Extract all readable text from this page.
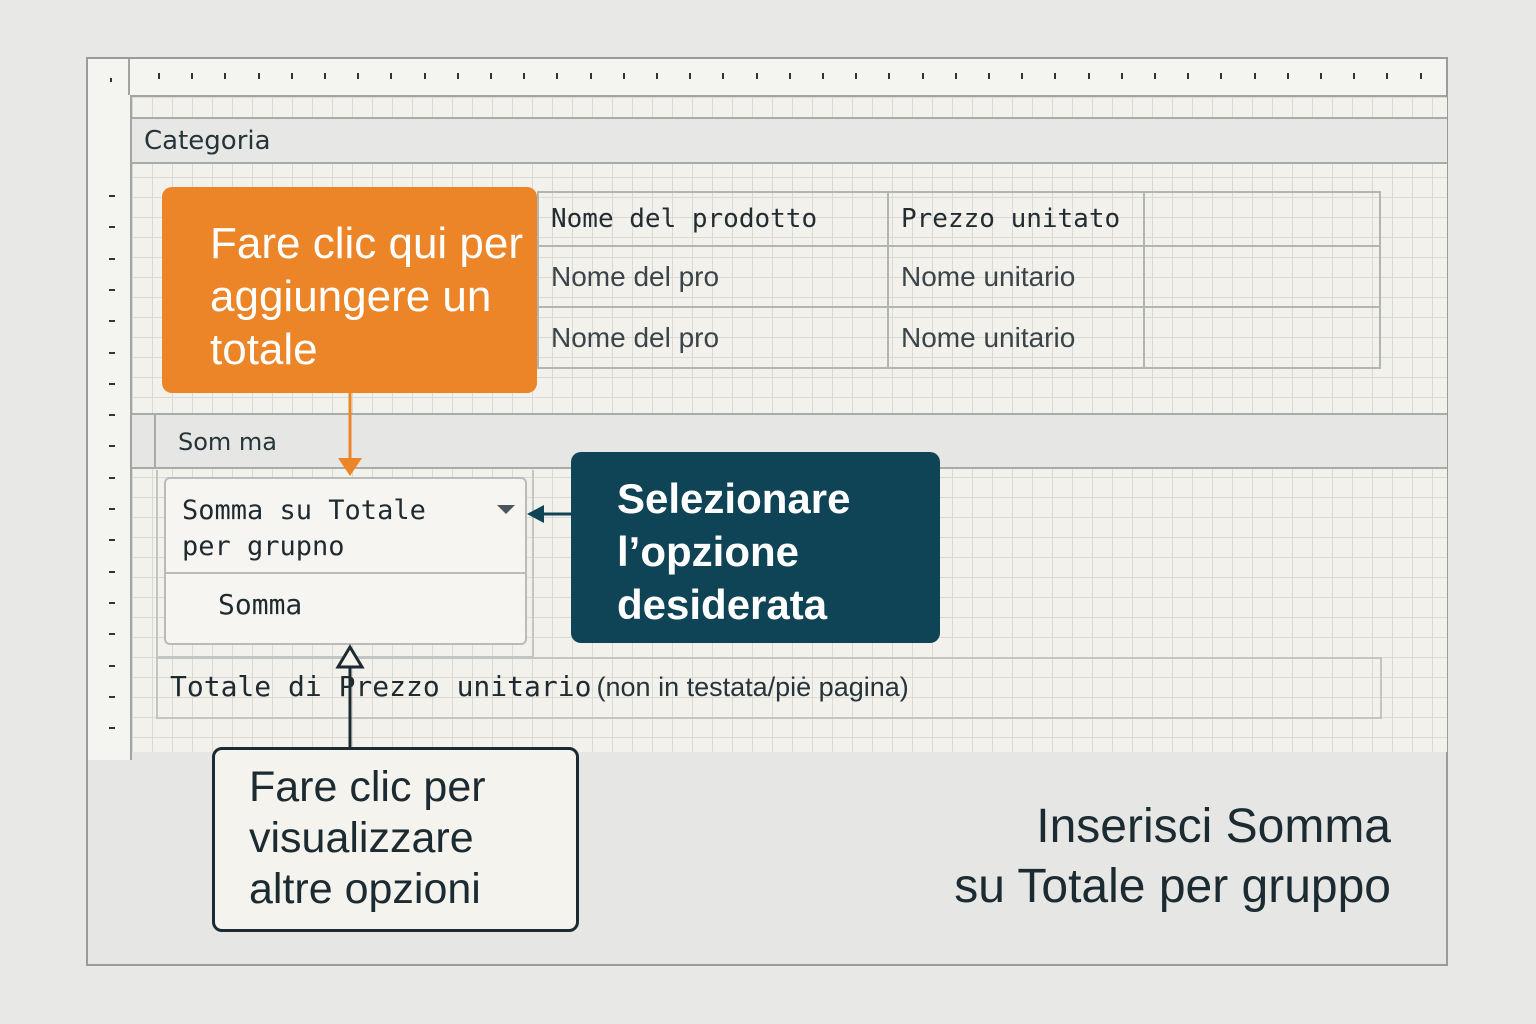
Categoria
Nome del prodotto	Prezzo unitato
Nome del pro	Nome unitario
Nome del pro	Nome unitario
Som ma
Somma su Totale per grupno
Somma
Totale di Prezzo unitario (non in testata/piė pagina)
Fare clic qui per aggiungere un totale
Selezionare l’opzione desiderata
Fare clic per visualizzare altre opzioni
Inserisci Somma
su Totale per gruppo
